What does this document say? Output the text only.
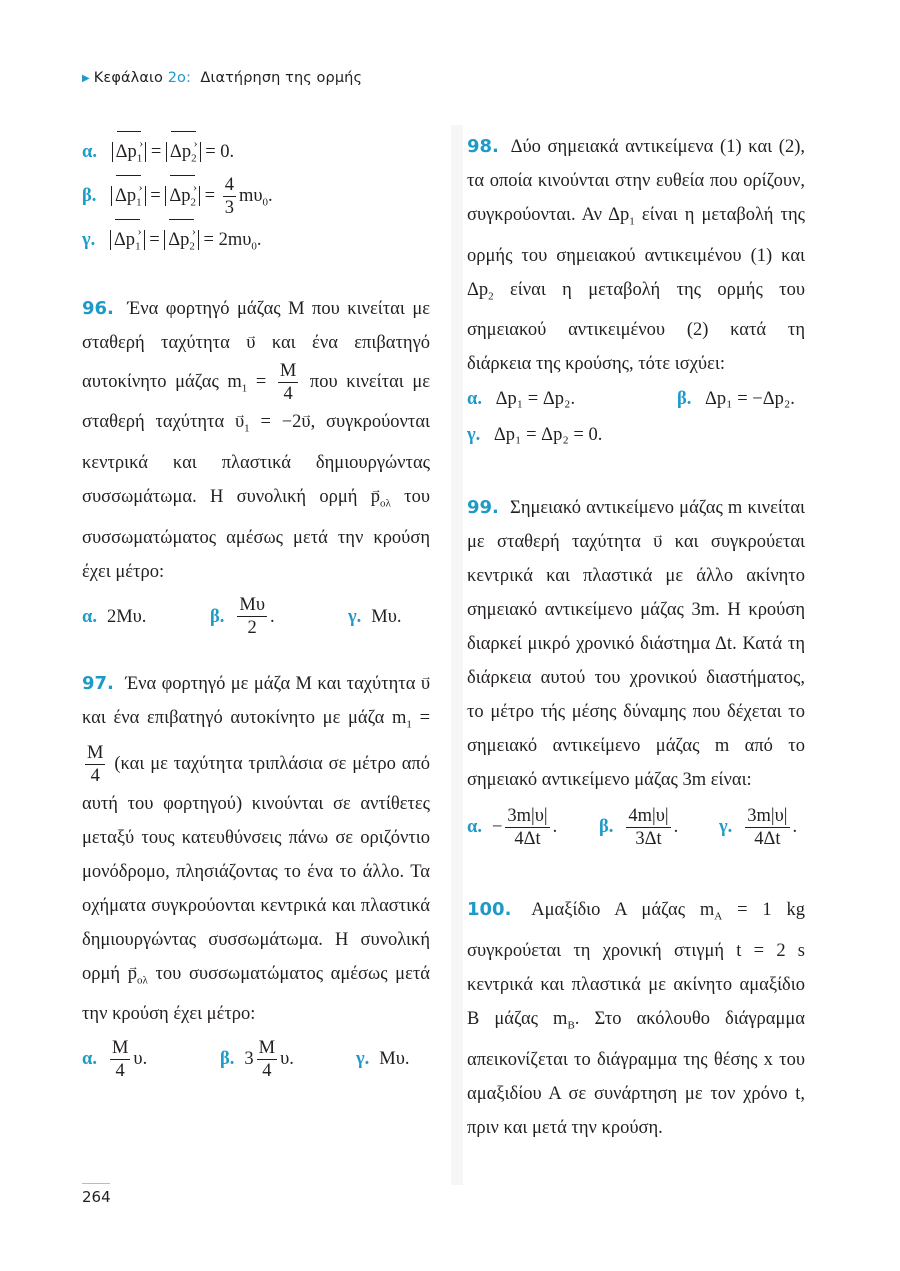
▶ Κεφάλαιο 2ο: Διατήρηση της ορμής
α. $\Delta p_1$ › = $\Delta p_2$ › = 0.
β. $\Delta p_1$ › = $\Delta p_2$ › = $\frac{4}{3} m\upsilon_0$.
γ. $\Delta p_1$ › = $\Delta p_2$ › = $2m\upsilon_0$.
96. Ένα φορτηγό μάζας Μ που κινείται με σταθερή ταχύτητα υ → και ένα επιβατηγό αυτοκίνητο μάζας $m_1 = \frac{M}{4}$ που κινείται με σταθερή ταχύτητα $\upsilon \to_1 = -2\upsilon$ →, συγκρούονται κεντρικά και πλαστικά δημιουργώντας συσσωμάτωμα. Η συνολική ορμή $p \to_{o\lambda}$ του συσσωματώματος αμέσως μετά την κρούση έχει μέτρο:
α. 2Μυ.	β. $\frac{M\upsilon}{2}$ .	γ. Μυ.
97. Ένα φορτηγό με μάζα Μ και ταχύτητα υ → και ένα επιβατηγό αυτοκίνητο με μάζα $m_1$ =
$\frac{M}{4} (\kappa\alpha\iota$ με ταχύτητα τριπλάσια σε μέτρο από αυτή του φορτηγού) κινούνται σε αντίθετες μεταξύ τους κατευθύνσεις πάνω σε οριζόντιο μονόδρομο, πλησιάζοντας το ένα το άλλο. Τα οχήματα συγκρούονται κεντρικά και πλαστικά δημιουργώντας συσσωμάτωμα. Η συνολική ορμή $p \to_{o\lambda}$ του συσσωματώματος αμέσως μετά την κρούση έχει μέτρο:
α. $\frac{M}{4} \upsilon$.	β. $3 \frac{M}{4} \upsilon$.	γ. Μυ.
98. Δύο σημειακά αντικείμενα (1) και (2), τα οποία κινούνται στην ευθεία που ορίζουν, συγκρούονται. Αν $\Delta p_1$ είναι η μεταβολή της ορμής του σημειακού αντικειμένου (1) και $\Delta p_2$ είναι η μεταβολή της ορμής του σημειακού αντικειμένου (2) κατά τη διάρκεια της κρούσης, τότε ισχύει:
α. Δp₁ = Δp₂.	β. Δp₁ = −Δp₂.
γ. Δp₁ = Δp₂ = 0.
99. Σημειακό αντικείμενο μάζας m κινείται με σταθερή ταχύτητα υ → και συγκρούεται κεντρικά και πλαστικά με άλλο ακίνητο σημειακό αντικείμενο μάζας 3m. Η κρούση διαρκεί μικρό χρονικό διάστημα Δt. Κατά τη διάρκεια αυτού του χρονικού διαστήματος, το μέτρο τής μέσης δύναμης που δέχεται το σημειακό αντικείμενο μάζας m από το σημειακό αντικείμενο μάζας 3m είναι:
α. − $\frac{3m|\upsilon|}{4\Delta t}$ . β. $\frac{4m|\upsilon|}{3\Delta t}$ . γ. $\frac{3m|\upsilon|}{4\Delta t}$ .
100. Αμαξίδιο Α μάζας $m_A = 1$ kg συγκρούεται τη χρονική στιγμή t = 2 s κεντρικά και πλαστικά με ακίνητο αμαξίδιο Β μάζας $m_B$. Στο ακόλουθο διάγραμμα απεικονίζεται το διάγραμμα της θέσης x του αμαξιδίου Α σε συνάρτηση με τον χρόνο t, πριν και μετά την κρούση.
264
